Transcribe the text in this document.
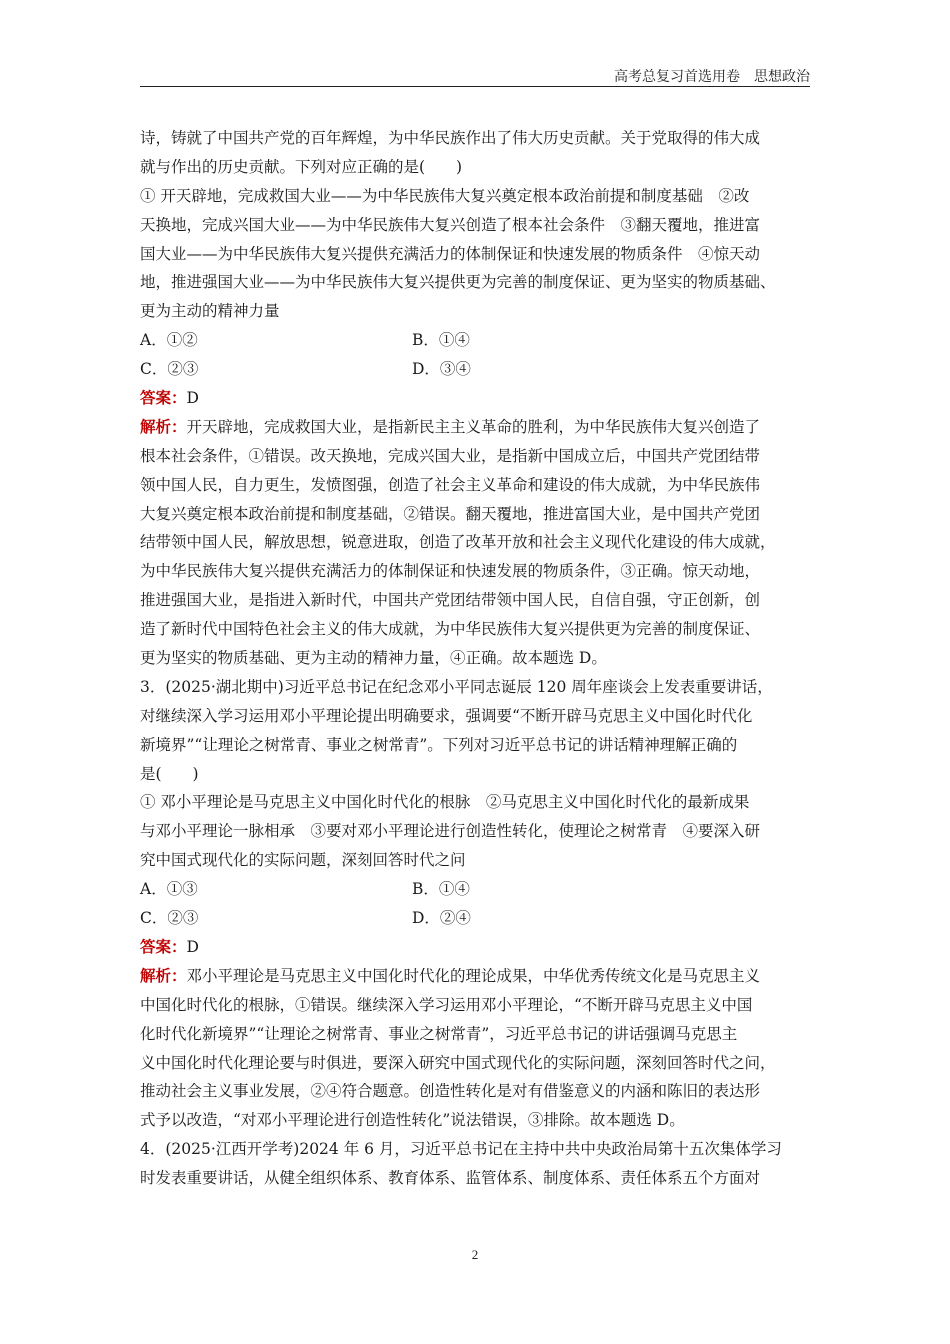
高考总复习首选用卷　思想政治
诗，铸就了中国共产党的百年辉煌，为中华民族作出了伟大历史贡献。关于党取得的伟大成
就与作出的历史贡献。下列对应正确的是(　　)
① 开天辟地，完成救国大业——为中华民族伟大复兴奠定根本政治前提和制度基础　②改
天换地，完成兴国大业——为中华民族伟大复兴创造了根本社会条件　③翻天覆地，推进富
国大业——为中华民族伟大复兴提供充满活力的体制保证和快速发展的物质条件　④惊天动
地，推进强国大业——为中华民族伟大复兴提供更为完善的制度保证、更为坚实的物质基础、
更为主动的精神力量
A．①②	B．①④
C．②③	D．③④
答案：D
解析：开天辟地，完成救国大业，是指新民主主义革命的胜利，为中华民族伟大复兴创造了
根本社会条件，①错误。改天换地，完成兴国大业，是指新中国成立后，中国共产党团结带
领中国人民，自力更生，发愤图强，创造了社会主义革命和建设的伟大成就，为中华民族伟
大复兴奠定根本政治前提和制度基础，②错误。翻天覆地，推进富国大业，是中国共产党团
结带领中国人民，解放思想，锐意进取，创造了改革开放和社会主义现代化建设的伟大成就，
为中华民族伟大复兴提供充满活力的体制保证和快速发展的物质条件，③正确。惊天动地，
推进强国大业，是指进入新时代，中国共产党团结带领中国人民，自信自强，守正创新，创
造了新时代中国特色社会主义的伟大成就，为中华民族伟大复兴提供更为完善的制度保证、
更为坚实的物质基础、更为主动的精神力量，④正确。故本题选 D。
3．(2025·湖北期中)习近平总书记在纪念邓小平同志诞辰 120 周年座谈会上发表重要讲话，
对继续深入学习运用邓小平理论提出明确要求，强调要“不断开辟马克思主义中国化时代化
新境界”“让理论之树常青、事业之树常青”。下列对习近平总书记的讲话精神理解正确的
是(　　)
① 邓小平理论是马克思主义中国化时代化的根脉　②马克思主义中国化时代化的最新成果
与邓小平理论一脉相承　③要对邓小平理论进行创造性转化，使理论之树常青　④要深入研
究中国式现代化的实际问题，深刻回答时代之问
A．①③	B．①④
C．②③	D．②④
答案：D
解析：邓小平理论是马克思主义中国化时代化的理论成果，中华优秀传统文化是马克思主义
中国化时代化的根脉，①错误。继续深入学习运用邓小平理论，“不断开辟马克思主义中国
化时代化新境界”“让理论之树常青、事业之树常青”，习近平总书记的讲话强调马克思主
义中国化时代化理论要与时俱进，要深入研究中国式现代化的实际问题，深刻回答时代之问，
推动社会主义事业发展，②④符合题意。创造性转化是对有借鉴意义的内涵和陈旧的表达形
式予以改造，“对邓小平理论进行创造性转化”说法错误，③排除。故本题选 D。
4．(2025·江西开学考)2024 年 6 月，习近平总书记在主持中共中央政治局第十五次集体学习
时发表重要讲话，从健全组织体系、教育体系、监管体系、制度体系、责任体系五个方面对
2
